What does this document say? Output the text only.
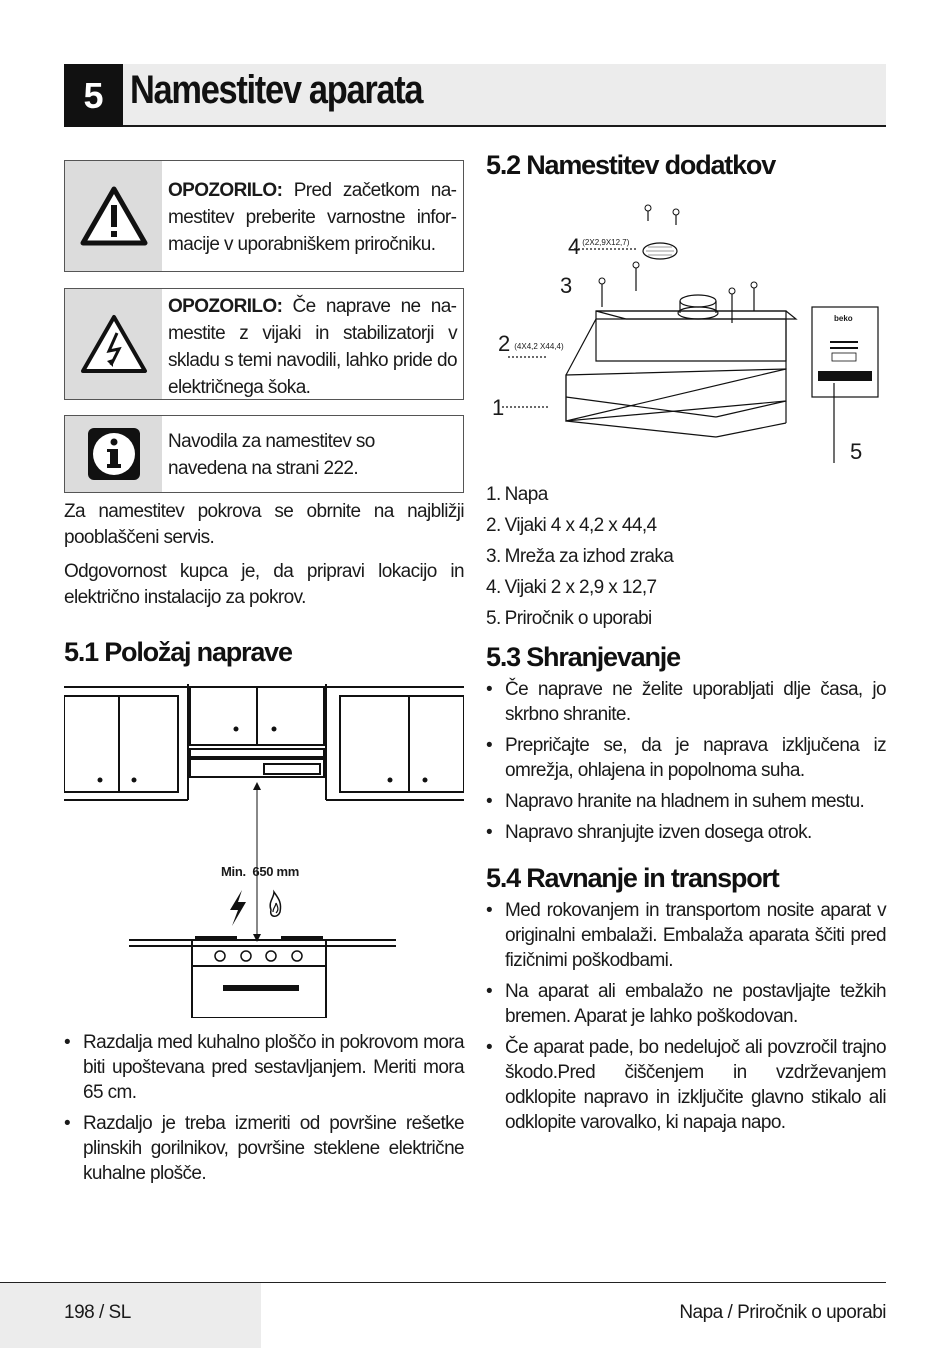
5 Namestitev aparata
OPOZORILO: Pred začetkom namestitev preberite varnostne informacije v uporabniškem priročniku.
OPOZORILO: Če naprave ne namestite z vijaki in stabilizatorji v skladu s temi navodili, lahko pride do električnega šoka.
Navodila za namestitev so navedena na strani 222.

Za namestitev pokrova se obrnite na najbližji pooblaščeni servis.

Odgovornost kupca je, da pripravi lokacijo in električno instalacijo za pokrov.

5.1 Položaj naprave
Min.  650 mm
• Razdalja med kuhalno ploščo in pokrovom mora biti upoštevana pred sestavljanjem. Meriti mora 65 cm.
• Razdaljo je treba izmeriti od površine rešetke plinskih gorilnikov, površine steklene električne kuhalne plošče.
5.2 Namestitev dodatkov
4 $^{(2X2,9X12,7)}$
3
2 (4X4,2 X44,4)
1
5
beko
1. Napa
2. Vijaki 4 x 4,2 x 44,4
3. Mreža za izhod zraka
4. Vijaki 2 x 2,9 x 12,7
5. Priročnik o uporabi
5.3 Shranjevanje
• Če naprave ne želite uporabljati dlje časa, jo skrbno shranite.
• Prepričajte se, da je naprava izključena iz omrežja, ohlajena in popolnoma suha.
• Napravo hranite na hladnem in suhem mestu.
• Napravo shranjujte izven dosega otrok.
5.4 Ravnanje in transport
• Med rokovanjem in transportom nosite aparat v originalni embalaži. Embalaža aparata ščiti pred fizičnimi poškodbami.
• Na aparat ali embalažo ne postavljajte težkih bremen. Aparat je lahko poškodovan.
• Če aparat pade, bo nedelujoč ali povzročil trajno škodo.Pred čiščenjem in vzdrževanjem odklopite napravo in izključite glavno stikalo ali odklopite varovalko, ki napaja napo.
198 / SL	Napa / Priročnik o uporabi
